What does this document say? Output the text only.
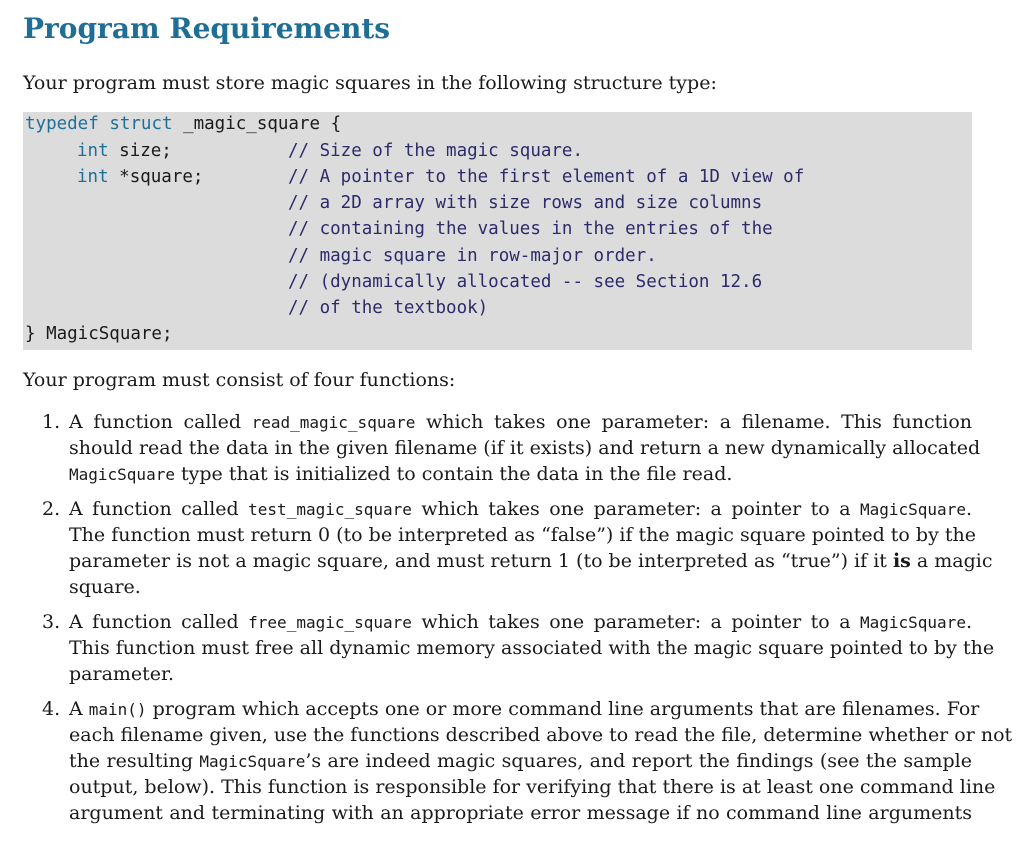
Program Requirements
Your program must store magic squares in the following structure type:
typedef struct _magic_square {
int size;	// Size of the magic square.
int *square;	// A pointer to the first element of a 1D view of
// a 2D array with size rows and size columns
// containing the values in the entries of the
// magic square in row-major order.
// (dynamically allocated -- see Section 12.6
// of the textbook)
} MagicSquare;
Your program must consist of four functions:
1. A function called read_magic_square which takes one parameter: a filename. This function
should read the data in the given filename (if it exists) and return a new dynamically allocated
MagicSquare type that is initialized to contain the data in the file read.
2. A function called test_magic_square which takes one parameter: a pointer to a MagicSquare.
The function must return 0 (to be interpreted as “false”) if the magic square pointed to by the
parameter is not a magic square, and must return 1 (to be interpreted as “true”) if it is a magic
square.
3. A function called free_magic_square which takes one parameter: a pointer to a MagicSquare.
This function must free all dynamic memory associated with the magic square pointed to by the
parameter.
4. A main() program which accepts one or more command line arguments that are filenames. For
each filename given, use the functions described above to read the file, determine whether or not
the resulting MagicSquare’s are indeed magic squares, and report the findings (see the sample
output, below). This function is responsible for verifying that there is at least one command line
argument and terminating with an appropriate error message if no command line arguments
